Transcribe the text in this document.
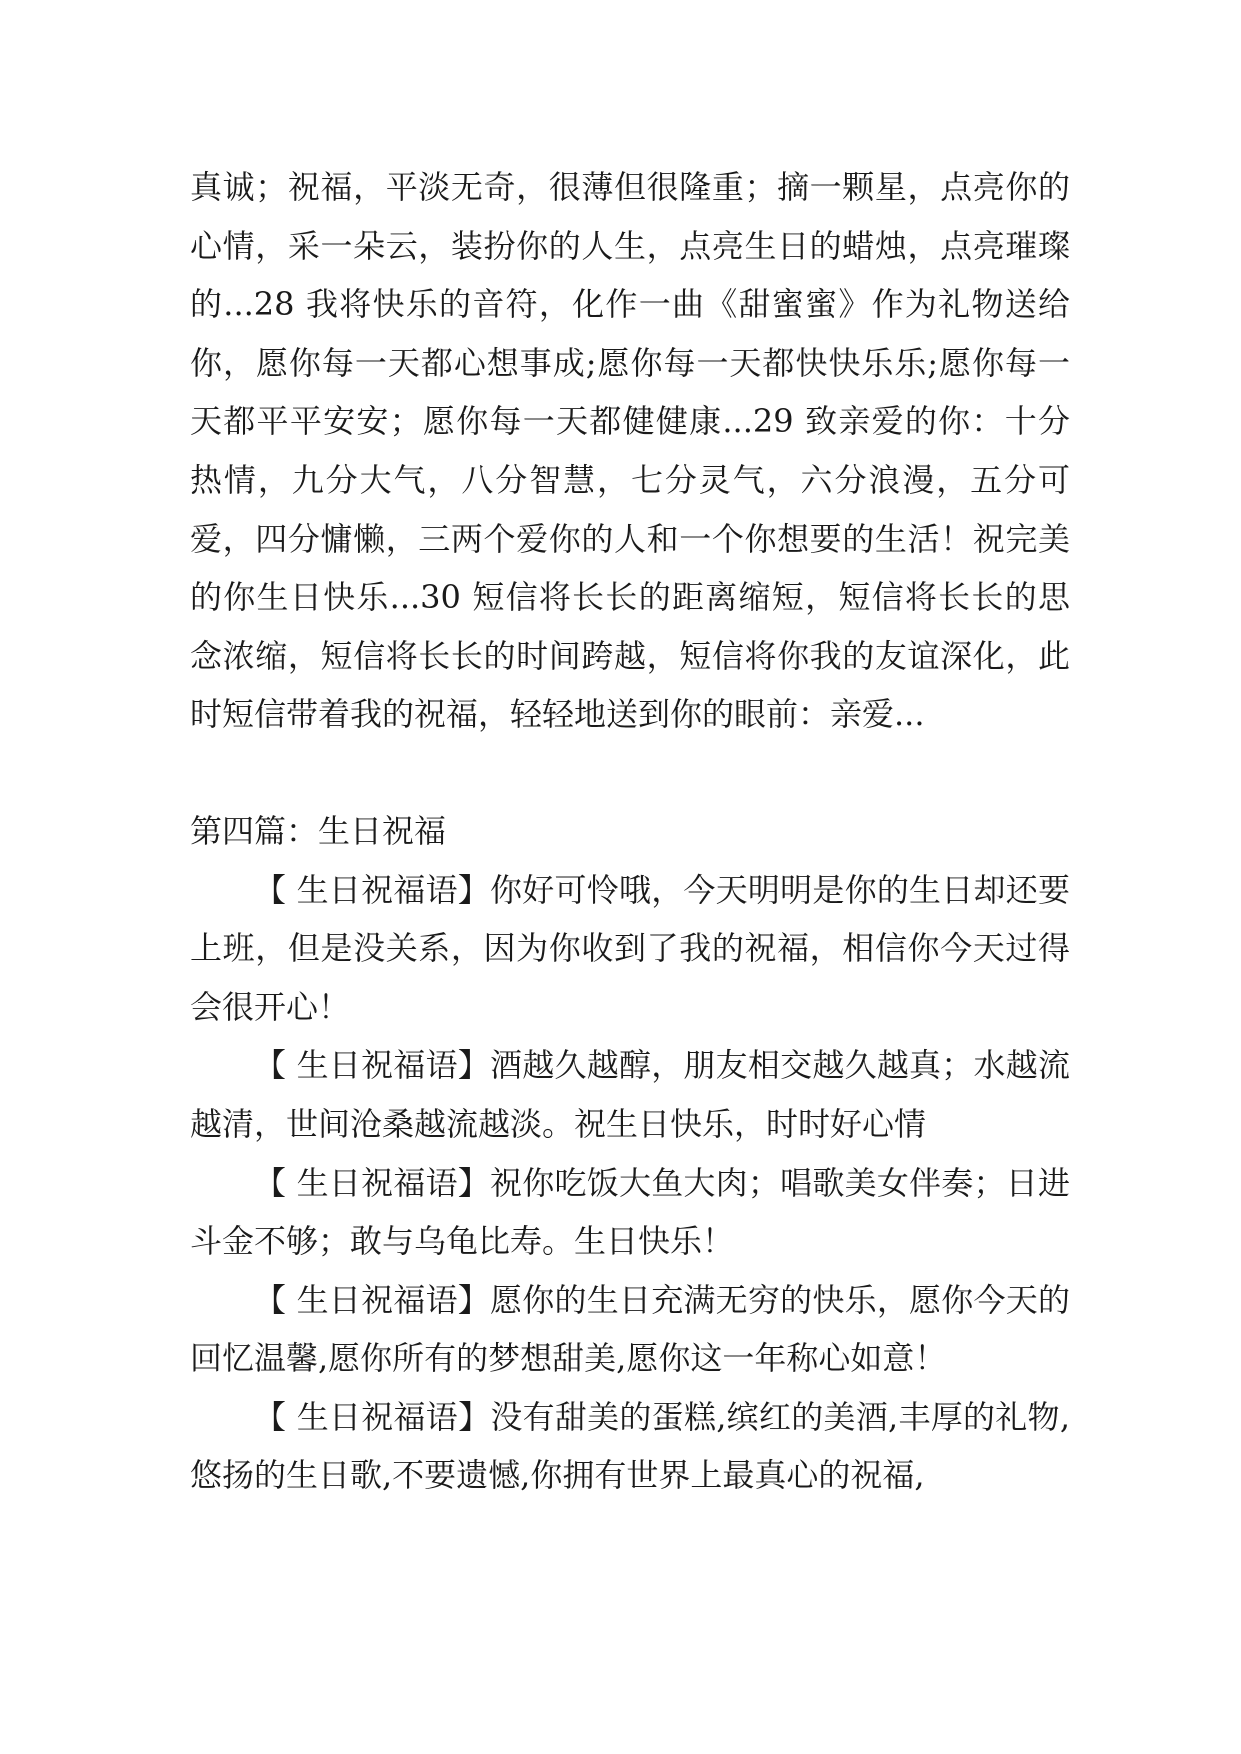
真诚；祝福，平淡无奇，很薄但很隆重；摘一颗星，点亮你的心情，采一朵云，装扮你的人生，点亮生日的蜡烛，点亮璀璨的...28 我将快乐的音符，化作一曲《甜蜜蜜》作为礼物送给你，愿你每一天都心想事成;愿你每一天都快快乐乐;愿你每一天都平平安安；愿你每一天都健健康...29 致亲爱的你：十分热情，九分大气，八分智慧，七分灵气，六分浪漫，五分可爱，四分慵懒，三两个爱你的人和一个你想要的生活！祝完美的你生日快乐...30 短信将长长的距离缩短，短信将长长的思念浓缩，短信将长长的时间跨越，短信将你我的友谊深化，此时短信带着我的祝福，轻轻地送到你的眼前：亲爱...

第四篇：生日祝福

【 生日祝福语】你好可怜哦，今天明明是你的生日却还要上班，但是没关系，因为你收到了我的祝福，相信你今天过得会很开心！

【 生日祝福语】酒越久越醇，朋友相交越久越真；水越流越清，世间沧桑越流越淡。祝生日快乐，时时好心情

【 生日祝福语】祝你吃饭大鱼大肉；唱歌美女伴奏；日进斗金不够；敢与乌龟比寿。生日快乐！

【 生日祝福语】愿你的生日充满无穷的快乐，愿你今天的回忆温馨,愿你所有的梦想甜美,愿你这一年称心如意！

【 生日祝福语】没有甜美的蛋糕,缤红的美酒,丰厚的礼物,悠扬的生日歌,不要遗憾,你拥有世界上最真心的祝福,
